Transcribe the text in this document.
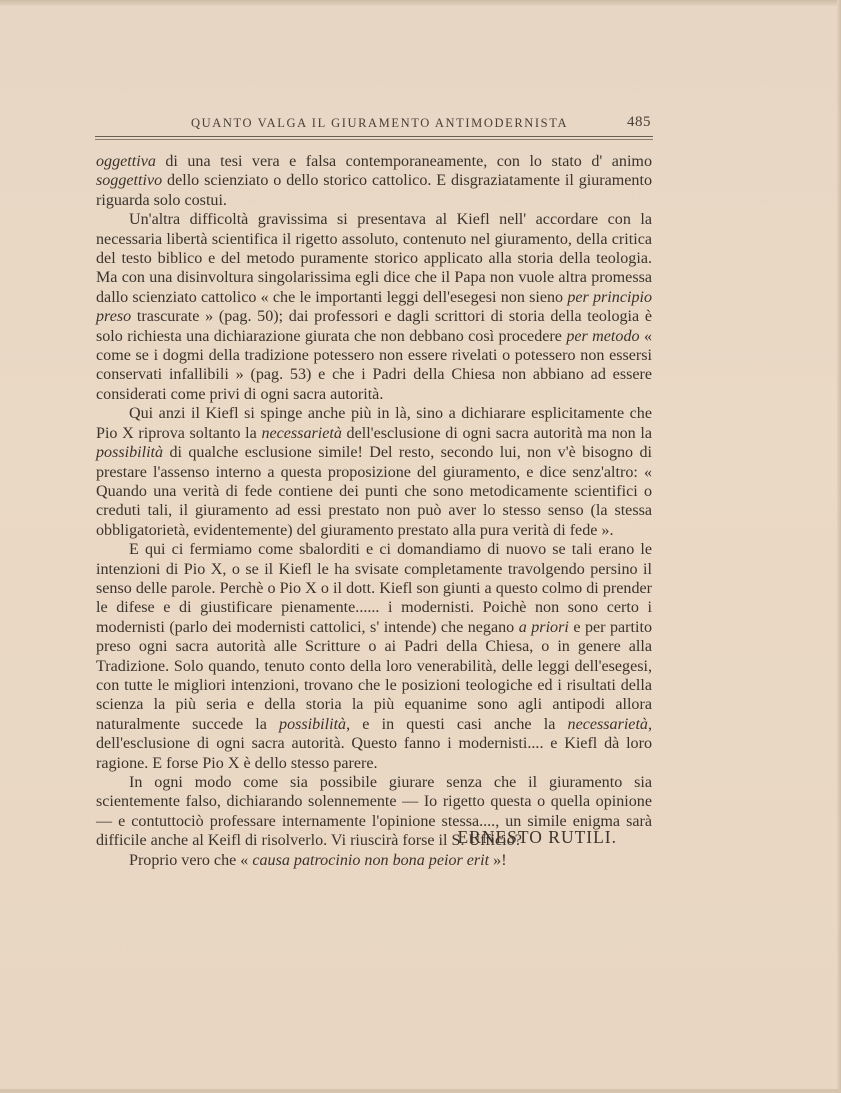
QUANTO VALGA IL GIURAMENTO ANTIMODERNISTA	485

oggettiva di una tesi vera e falsa contemporaneamente, con lo stato d' animo soggettivo dello scienziato o dello storico cattolico. E disgraziatamente il giuramento riguarda solo costui.

Un'altra difficoltà gravissima si presentava al Kiefl nell' accordare con la necessaria libertà scientifica il rigetto assoluto, contenuto nel giuramento, della critica del testo biblico e del metodo puramente storico applicato alla storia della teologia. Ma con una disinvoltura singolarissima egli dice che il Papa non vuole altra promessa dallo scienziato cattolico « che le importanti leggi dell'esegesi non sieno per principio preso trascurate » (pag. 50); dai professori e dagli scrittori di storia della teologia è solo richiesta una dichiarazione giurata che non debbano così procedere per metodo « come se i dogmi della tradizione potessero non essere rivelati o potessero non essersi conservati infallibili » (pag. 53) e che i Padri della Chiesa non abbiano ad essere considerati come privi di ogni sacra autorità.

Qui anzi il Kiefl si spinge anche più in là, sino a dichiarare esplicitamente che Pio X riprova soltanto la necessarietà dell'esclusione di ogni sacra autorità ma non la possibilità di qualche esclusione simile! Del resto, secondo lui, non v'è bisogno di prestare l'assenso interno a questa proposizione del giuramento, e dice senz'altro: « Quando una verità di fede contiene dei punti che sono metodicamente scientifici o creduti tali, il giuramento ad essi prestato non può aver lo stesso senso (la stessa obbligatorietà, evidentemente) del giuramento prestato alla pura verità di fede ».

E qui ci fermiamo come sbalorditi e ci domandiamo di nuovo se tali erano le intenzioni di Pio X, o se il Kiefl le ha svisate completamente travolgendo persino il senso delle parole. Perchè o Pio X o il dott. Kiefl son giunti a questo colmo di prender le difese e di giustificare pienamente...... i modernisti. Poichè non sono certo i modernisti (parlo dei modernisti cattolici, s' intende) che negano a priori e per partito preso ogni sacra autorità alle Scritture o ai Padri della Chiesa, o in genere alla Tradizione. Solo quando, tenuto conto della loro venerabilità, delle leggi dell'esegesi, con tutte le migliori intenzioni, trovano che le posizioni teologiche ed i risultati della scienza la più seria e della storia la più equanime sono agli antipodi allora naturalmente succede la possibilità, e in questi casi anche la necessarietà, dell'esclusione di ogni sacra autorità. Questo fanno i modernisti.... e Kiefl dà loro ragione. E forse Pio X è dello stesso parere.

In ogni modo come sia possibile giurare senza che il giuramento sia scientemente falso, dichiarando solennemente — Io rigetto questa o quella opinione — e contuttociò professare internamente l'opinione stessa...., un simile enigma sarà difficile anche al Keifl di risolverlo. Vi riuscirà forse il S. Ufficio?

Proprio vero che « causa patrocinio non bona peior erit »!

ERNESTO RUTILI.
